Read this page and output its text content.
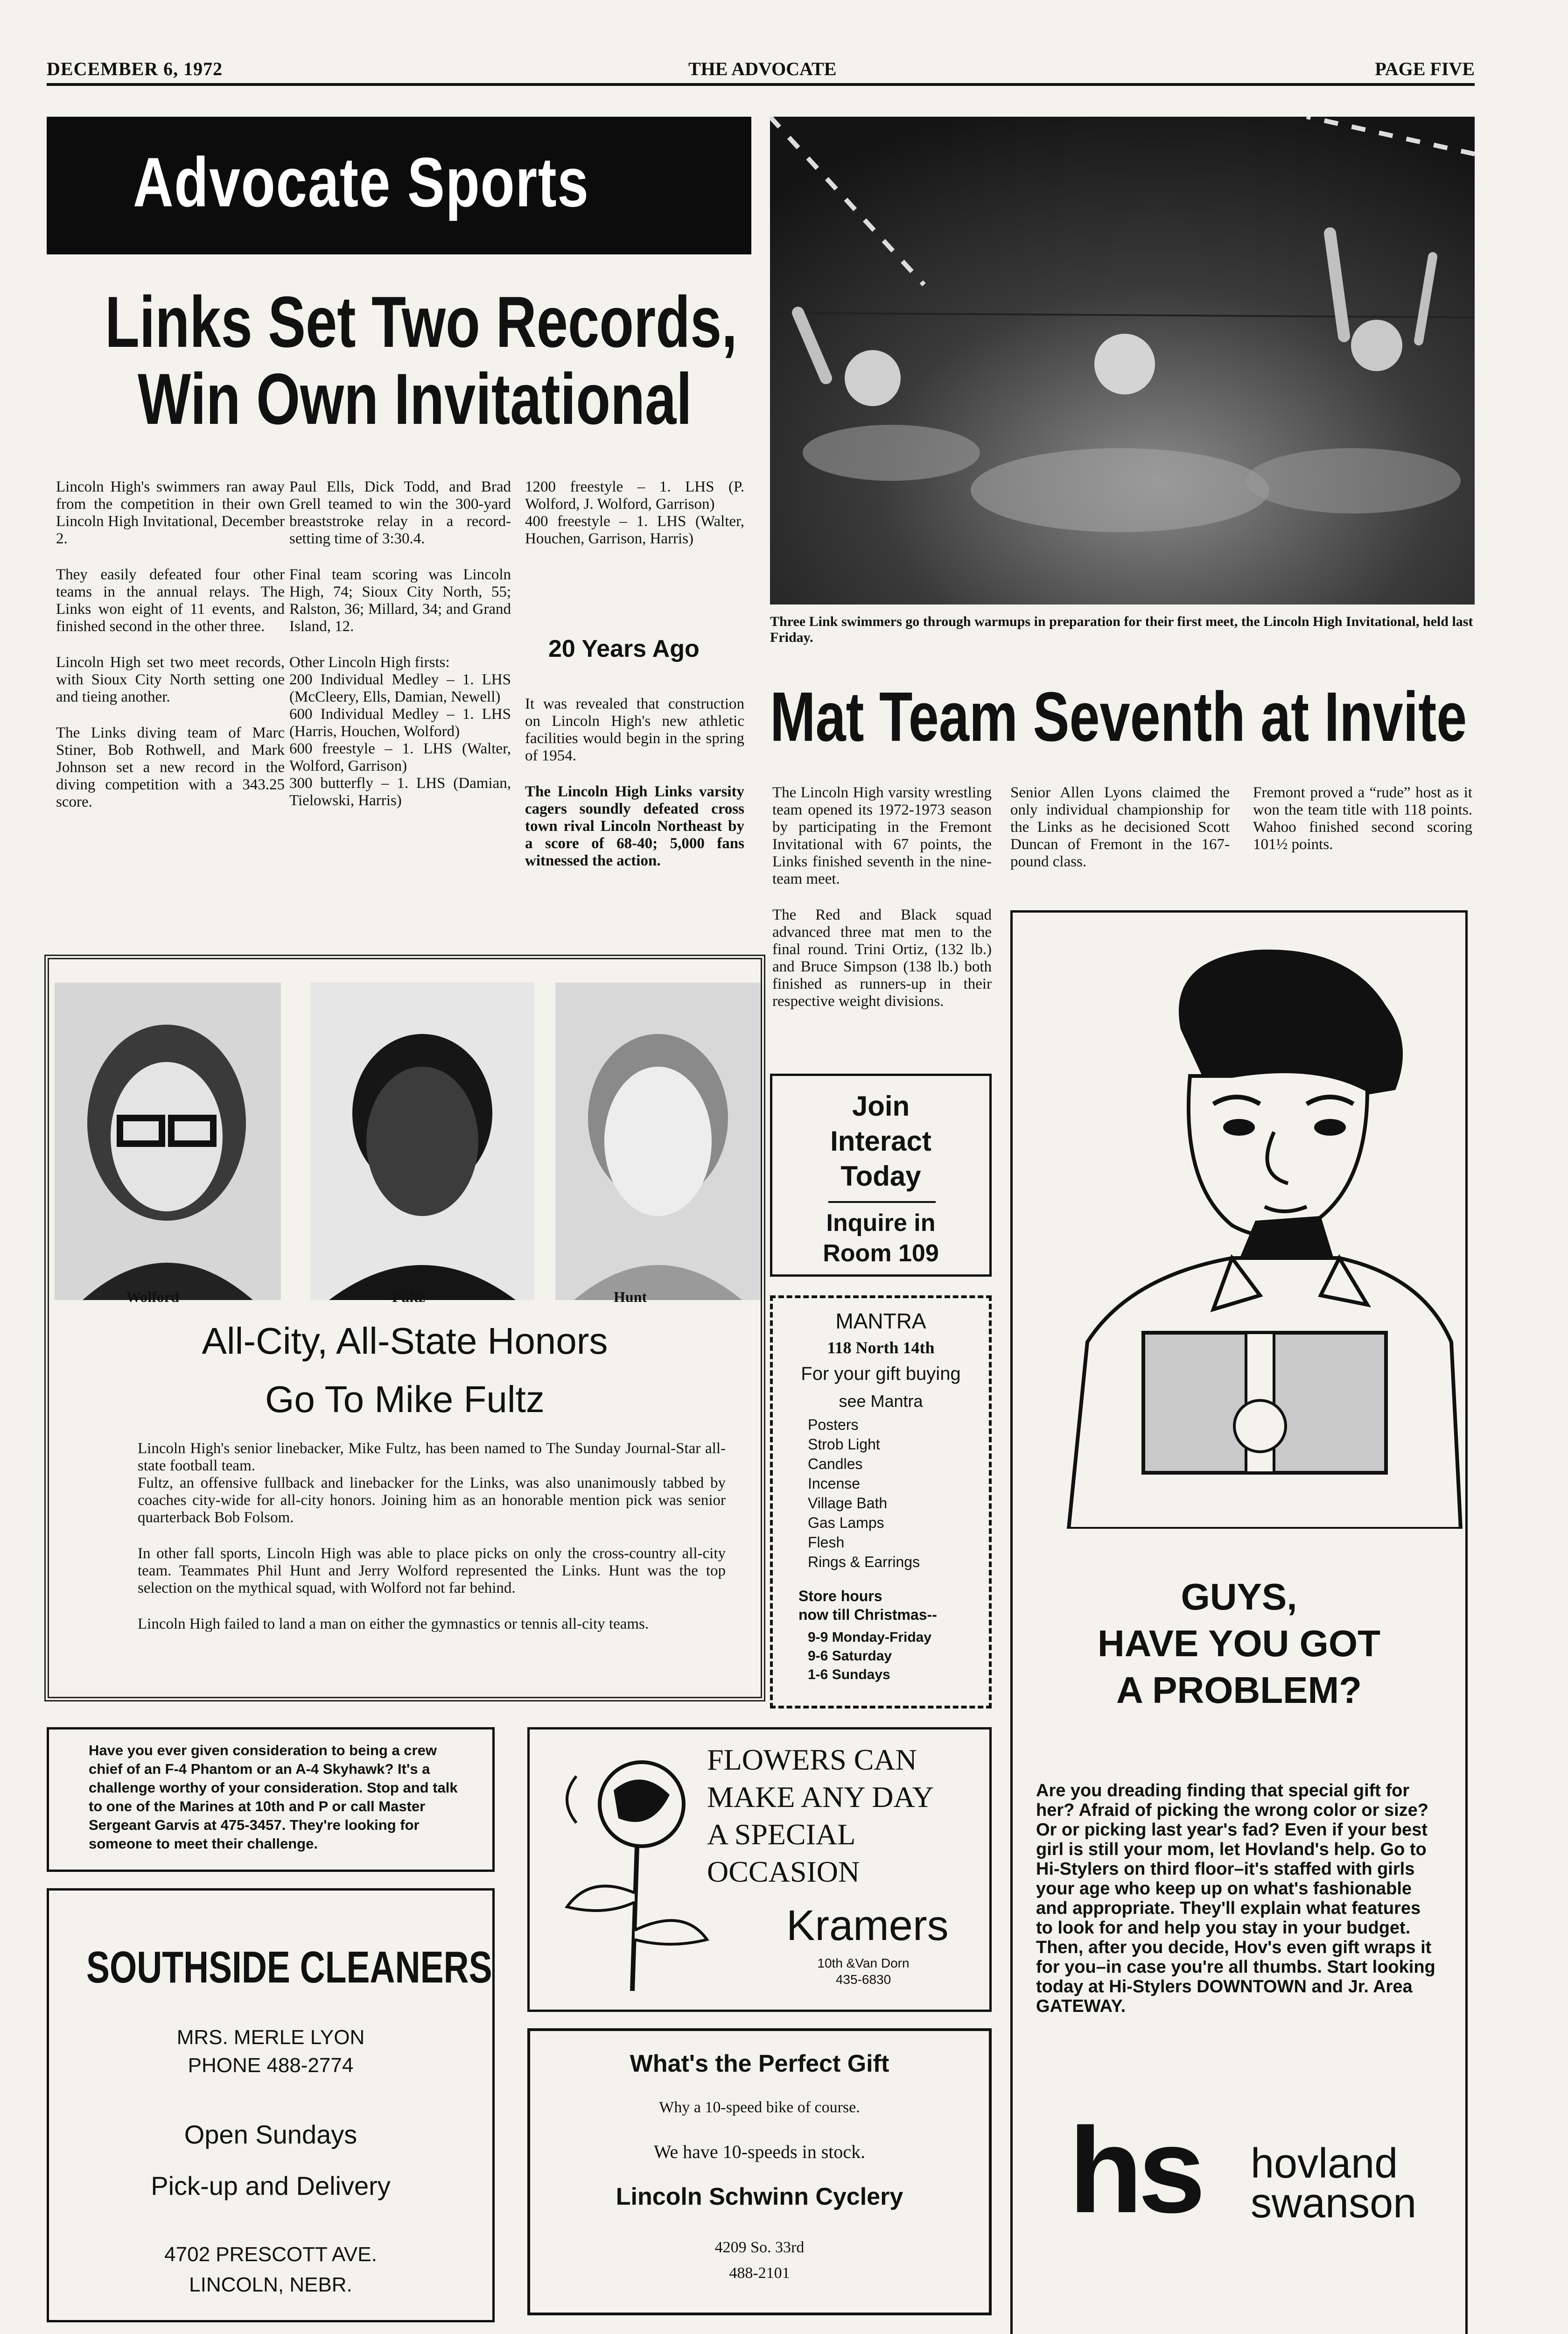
DECEMBER 6, 1972	THE ADVOCATE	PAGE FIVE
Advocate Sports
Links Set Two Records,
Win Own Invitational

Lincoln High's swimmers ran away from the competition in their own Lincoln High Invitational, December 2.

They easily defeated four other teams in the annual relays. The Links won eight of 11 events, and finished second in the other three.

Lincoln High set two meet records, with Sioux City North setting one and tieing another.

The Links diving team of Marc Stiner, Bob Rothwell, and Mark Johnson set a new record in the diving competition with a 343.25 score.

Paul Ells, Dick Todd, and Brad Grell teamed to win the 300-yard breaststroke relay in a record-setting time of 3:30.4.

Final team scoring was Lincoln High, 74; Sioux City North, 55; Ralston, 36; Millard, 34; and Grand Island, 12.

Other Lincoln High firsts:

200 Individual Medley – 1. LHS (McCleery, Ells, Damian, Newell)
600 Individual Medley – 1. LHS (Harris, Houchen, Wolford)
600 freestyle – 1. LHS (Walter, Wolford, Garrison)
300 butterfly – 1. LHS (Damian, Tielowski, Harris)
1200 freestyle – 1. LHS (P. Wolford, J. Wolford, Garrison)
400 freestyle – 1. LHS (Walter, Houchen, Garrison, Harris)
20 Years Ago

It was revealed that construction on Lincoln High's new athletic facilities would begin in the spring of 1954.

The Lincoln High Links varsity cagers soundly defeated cross town rival Lincoln Northeast by a score of 68-40; 5,000 fans witnessed the action.

Three Link swimmers go through warmups in preparation for their first meet, the Lincoln High Invitational, held last Friday.
Mat Team Seventh at Invite

The Lincoln High varsity wrestling team opened its 1972-1973 season by participating in the Fremont Invitational with 67 points, the Links finished seventh in the nine-team meet.

The Red and Black squad advanced three mat men to the final round. Trini Ortiz, (132 lb.) and Bruce Simpson (138 lb.) both finished as runners-up in their respective weight divisions.

Senior Allen Lyons claimed the only individual championship for the Links as he decisioned Scott Duncan of Fremont in the 167-pound class.

Fremont proved a “rude” host as it won the team title with 118 points. Wahoo finished second scoring 101½ points.

Wolford	Fultz	Hunt
All-City, All-State Honors
Go To Mike Fultz

Lincoln High's senior linebacker, Mike Fultz, has been named to The Sunday Journal-Star all-state football team.

Fultz, an offensive fullback and linebacker for the Links, was also unanimously tabbed by coaches city-wide for all-city honors. Joining him as an honorable mention pick was senior quarterback Bob Folsom.

In other fall sports, Lincoln High was able to place picks on only the cross-country all-city team. Teammates Phil Hunt and Jerry Wolford represented the Links. Hunt was the top selection on the mythical squad, with Wolford not far behind.

Lincoln High failed to land a man on either the gymnastics or tennis all-city teams.

Join
Interact
Today
Inquire in
Room 109
MANTRA
118 North 14th
For your gift buying
see Mantra
Posters
Strob Light
Candles
Incense
Village Bath
Gas Lamps
Flesh
Rings & Earrings
Store hours
now till Christmas--
9-9 Monday-Friday
9-6 Saturday
1-6 Sundays
GUYS,
HAVE YOU GOT
A PROBLEM?
Are you dreading finding that special gift for her? Afraid of picking the wrong color or size? Or or picking last year's fad? Even if your best girl is still your mom, let Hovland's help. Go to Hi-Stylers on third floor–it's staffed with girls your age who keep up on what's fashionable and appropriate. They'll explain what features to look for and help you stay in your budget. Then, after you decide, Hov's even gift wraps it for you–in case you're all thumbs. Start looking today at Hi-Stylers DOWNTOWN and Jr. Area GATEWAY.
hs hovland
swanson
Have you ever given consideration to being a crew chief of an F-4 Phantom or an A-4 Skyhawk? It's a challenge worthy of your consideration. Stop and talk to one of the Marines at 10th and P or call Master Sergeant Garvis at 475-3457. They're looking for someone to meet their challenge.
FLOWERS CAN
MAKE ANY DAY
A SPECIAL
OCCASION
Kramers
10th &Van Dorn
435-6830
SOUTHSIDE CLEANERS
MRS. MERLE LYON
PHONE 488-2774
Open Sundays
Pick-up and Delivery
4702 PRESCOTT AVE.
LINCOLN, NEBR.
What's the Perfect Gift
Why a 10-speed bike of course.
We have 10-speeds in stock.
Lincoln Schwinn Cyclery
4209 So. 33rd
488-2101
